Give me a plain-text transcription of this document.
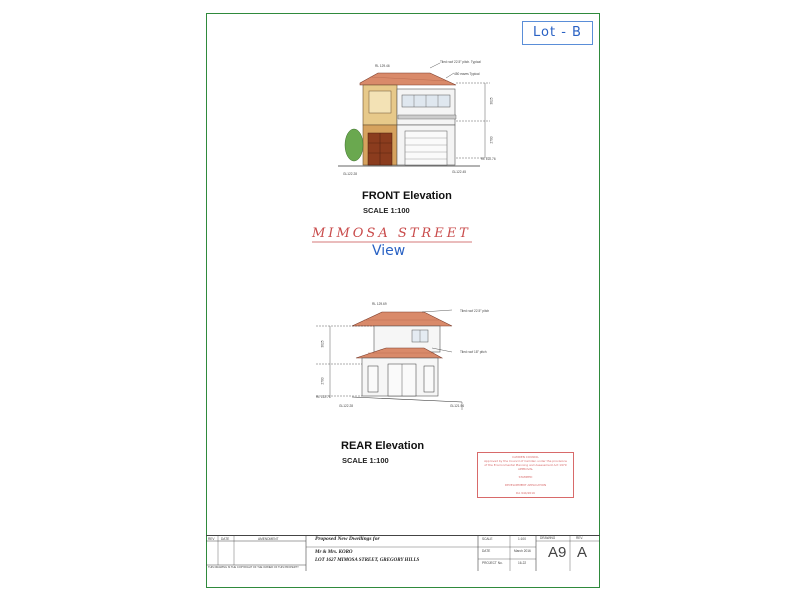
Lot - B
RL 129.46
Tiled roof 22.5° pitch. Typical
450 eaves Typical
3025
2700
RL 122.76
GL122.28	GL122.45
FRONT Elevation
SCALE 1:100
MIMOSA STREET
View
RL 129.69
Tiled roof 22.5° pitch
Tiled roof 18° pitch
3025
2700
RL 122.76
GL122.28	GL121.94
REAR Elevation
SCALE 1:100	CAMDEN COUNCIL
Approved by the Council of Camden under the provisions
of the Environmental Planning and Assessment Act 1979
APPROVAL

STAMPED

DEVELOPMENT APPLICATION

DA 944/2016
REV DATE	AMENDMENT
THIS DRAWING IS THE COPYRIGHT OF THE OWNER OF THIS PROPERTY
Proposed New Dwellings for
Mr & Mrs. KORO
LOT 1627 MIMOSA STREET, GREGORY HILLS
SCALE	1:100
DATE	March 2016
PROJECT No.	16-22
DRAWING	REV.
A9 A
